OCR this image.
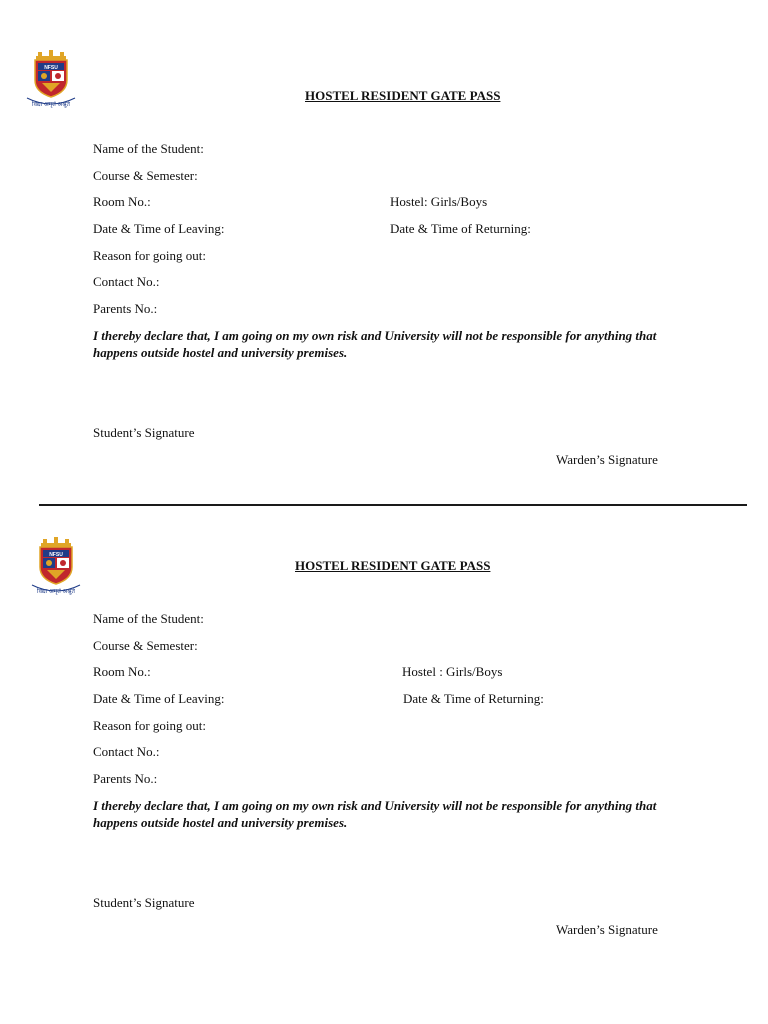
NFSU
विद्या अमृतं अश्नुते
HOSTEL RESIDENT GATE PASS
Name of the Student:
Course & Semester:
Room No.:	Hostel: Girls/Boys
Date & Time of Leaving:	Date & Time of Returning:
Reason for going out:
Contact No.:
Parents No.:
I thereby declare that, I am going on my own risk and University will not be responsible for anything that happens outside hostel and university premises.
Student’s Signature
Warden’s Signature
NFSU
विद्या अमृतं अश्नुते
HOSTEL RESIDENT GATE PASS
Name of the Student:
Course & Semester:
Room No.:	Hostel : Girls/Boys
Date & Time of Leaving:	Date & Time of Returning:
Reason for going out:
Contact No.:
Parents No.:
I thereby declare that, I am going on my own risk and University will not be responsible for anything that happens outside hostel and university premises.
Student’s Signature
Warden’s Signature
